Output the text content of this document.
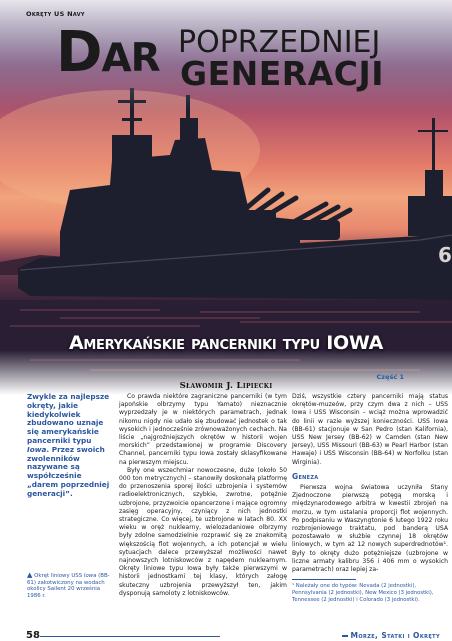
6
Okręty US Navy
Dar POPRZEDNIEJ
GENERACJI
Amerykańskie pancerniki typu IOWA
Część 1
Sławomir J. Lipiecki
Zwykle za najlepsze okręty, jakie kiedykolwiek zbudowano uznaje się amerykańskie pancerniki typu Iowa. Przez swoich zwolenników nazywane są współcześnie „darem poprzedniej generacji”.
▲ Okręt liniowy USS Iowa (BB-61) zakotwiczony na wodach okolicy Sailent 20 września 1986 r.

Co prawda niektóre zagraniczne pancerniki (w tym japońskie olbrzymy typu Yamato) nieznacznie wyprzedzały je w niektórych parametrach, jednak nikomu nigdy nie udało się zbudować jednostek o tak wysokich i jednocześnie zrównoważonych cechach. Na liście „najgroźniejszych okrętów w historii wojen morskich” przedstawionej w programie Discovery Channel, pancerniki typu Iowa zostały sklasyfikowane na pierwszym miejscu.

Były one wszechmiar nowoczesne, duże (około 50 000 ton metrycznych) – stanowiły doskonałą platformę do przenoszenia sporej ilości uzbrojenia i systemów radioelektronicznych, szybkie, zwrotne, potężnie uzbrojone, przyzwoicie opancerzone i mające ogromny zasięg operacyjny, czyniący z nich jednostki strategiczne. Co więcej, te uzbrojone w latach 80. XX wieku w oręż nuklearny, wielozadaniowe olbrzymy były zdolne samodzielnie rozprawić się ze znakomitą większością flot wojennych, a ich potencjał w wielu sytuacjach dalece przewyższał możliwości nawet najnowszych lotniskowców z napędem nuklearnym. Okręty liniowe typu Iowa były także pierwszymi w historii jednostkami tej klasy, których załogę skuteczny uzbrojenia przewyższył ten, jakim dysponują samoloty z lotniskowców.

Dziś, wszystkie cztery pancerniki mają status okrętów-muzeów, przy czym dwa z nich – USS Iowa i USS Wisconsin – wciąż można wprowadzić do linii w razie wyższej konieczności. USS Iowa (BB-61) stacjonuje w San Pedro (stan Kalifornia), USS New Jersey (BB-62) w Camden (stan New Jersey), USS Missouri (BB-63) w Pearl Harbor (stan Hawaje) i USS Wisconsin (BB-64) w Norfolku (stan Wirginia).

Geneza

Pierwsza wojna światowa uczyniła Stany Zjednoczone pierwszą potęgą morską i międzynarodowego arbitra w kwestii zbrojeń na morzu, w tym ustalania proporcji flot wojennych. Po podpisaniu w Waszyngtonie 6 lutego 1922 roku rozbrojeniowego traktatu, pod banderą USA pozostawało w służbie czynnej 18 okrętów liniowych, w tym aż 12 nowych superdrednotów¹. Były to okręty dużo potężniejsze (uzbrojone w liczne armaty kalibru 356 i 406 mm o wysokich parametrach) oraz lepiej za-

¹ Należały one do typów: Nevada (2 jednostki), Pennsylvania (2 jednostki), New Mexico (3 jednostki), Tennessee (2 jednostki) i Colorado (3 jednostki).
58	Morze, Statki i Okręty
